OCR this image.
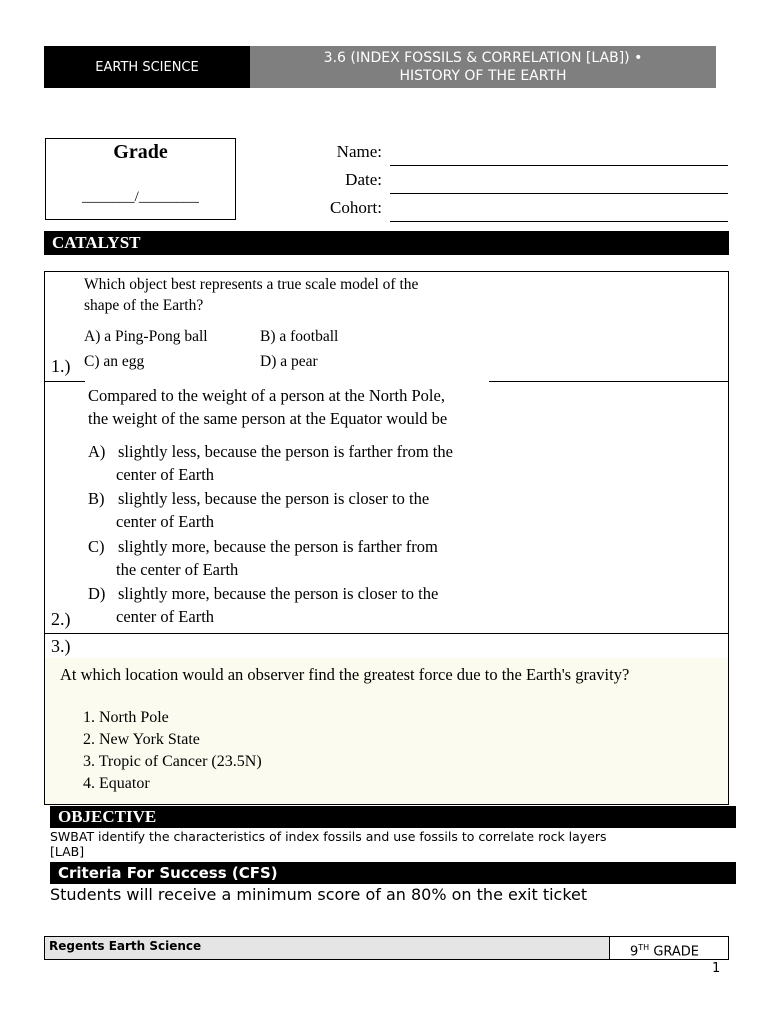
EARTH SCIENCE
3.6 (INDEX FOSSILS & CORRELATION [LAB]) •
HISTORY OF THE EARTH
Grade
_______/________
Name:
Date:
Cohort:
CATALYST
Which object best represents a true scale model of the
shape of the Earth?
A) a Ping-Pong ball	B) a football
C) an egg	D) a pear
1.)
Compared to the weight of a person at the North Pole,
the weight of the same person at the Equator would be
A) slightly less, because the person is farther from the
center of Earth
B) slightly less, because the person is closer to the
center of Earth
C) slightly more, because the person is farther from
the center of Earth
D) slightly more, because the person is closer to the
center of Earth
2.)
3.)
At which location would an observer find the greatest force due to the Earth's gravity?
1. North Pole
2. New York State
3. Tropic of Cancer (23.5N)
4. Equator
OBJECTIVE
SWBAT identify the characteristics of index fossils and use fossils to correlate rock layers
[LAB]
Criteria For Success (CFS)
Students will receive a minimum score of an 80% on the exit ticket
Regents Earth Science	9TH GRADE
1
